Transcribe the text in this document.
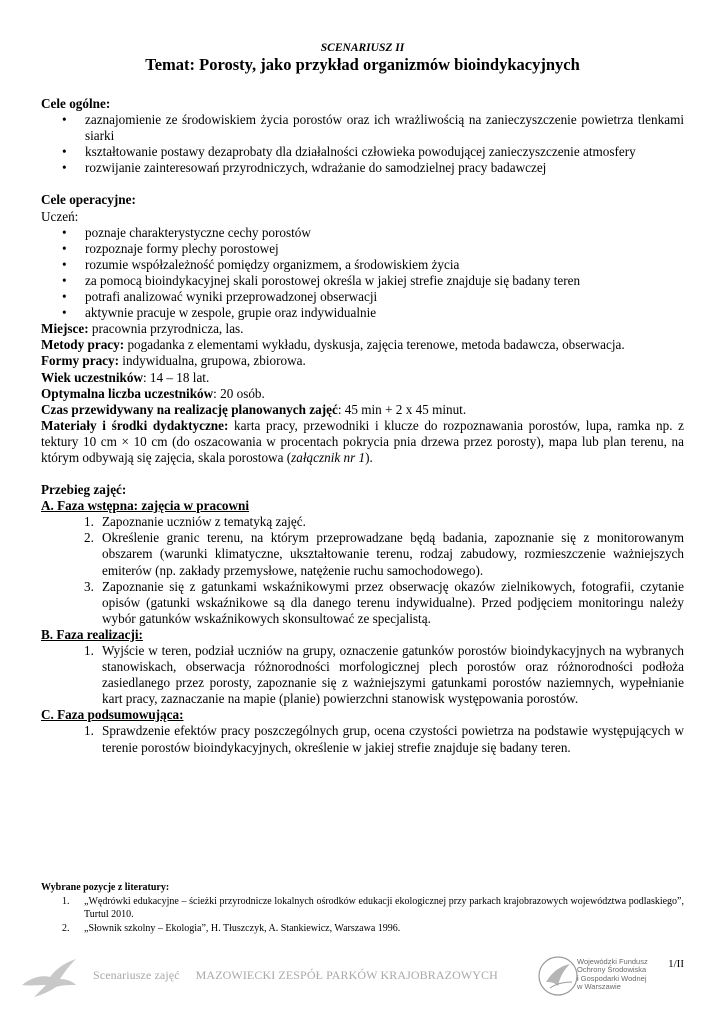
SCENARIUSZ II
Temat: Porosty, jako przykład organizmów bioindykacyjnych

Cele ogólne:

• zaznajomienie ze środowiskiem życia porostów oraz ich wrażliwością na zanieczyszczenie powietrza tlenkami siarki
• kształtowanie postawy dezaprobaty dla działalności człowieka powodującej zanieczyszczenie atmosfery
• rozwijanie zainteresowań przyrodniczych, wdrażanie do samodzielnej pracy badawczej

Cele operacyjne:

Uczeń:

• poznaje charakterystyczne cechy porostów
• rozpoznaje formy plechy porostowej
• rozumie współzależność pomiędzy organizmem, a środowiskiem życia
• za pomocą bioindykacyjnej skali porostowej określa w jakiej strefie znajduje się badany teren
• potrafi analizować wyniki przeprowadzonej obserwacji
• aktywnie pracuje w zespole, grupie oraz indywidualnie

Miejsce: pracownia przyrodnicza, las.

Metody pracy: pogadanka z elementami wykładu, dyskusja, zajęcia terenowe, metoda badawcza, obserwacja.

Formy pracy: indywidualna, grupowa, zbiorowa.

Wiek uczestników: 14 – 18 lat.

Optymalna liczba uczestników: 20 osób.

Czas przewidywany na realizację planowanych zajęć: 45 min + 2 x 45 minut.

Materiały i środki dydaktyczne: karta pracy, przewodniki i klucze do rozpoznawania porostów, lupa, ramka np. z tektury 10 cm × 10 cm (do oszacowania w procentach pokrycia pnia drzewa przez porosty), mapa lub plan terenu, na którym odbywają się zajęcia, skala porostowa (załącznik nr 1).

Przebieg zajęć:

A. Faza wstępna: zajęcia w pracowni

1. Zapoznanie uczniów z tematyką zajęć.
2. Określenie granic terenu, na którym przeprowadzane będą badania, zapoznanie się z monitorowanym obszarem (warunki klimatyczne, ukształtowanie terenu, rodzaj zabudowy, rozmieszczenie ważniejszych emiterów (np. zakłady przemysłowe, natężenie ruchu samochodowego).
3. Zapoznanie się z gatunkami wskaźnikowymi przez obserwację okazów zielnikowych, fotografii, czytanie opisów (gatunki wskaźnikowe są dla danego terenu indywidualne). Przed podjęciem monitoringu należy wybór gatunków wskaźnikowych skonsultować ze specjalistą.

B. Faza realizacji:

1. Wyjście w teren, podział uczniów na grupy, oznaczenie gatunków porostów bioindykacyjnych na wybranych stanowiskach, obserwacja różnorodności morfologicznej plech porostów oraz różnorodności podłoża zasiedlanego przez porosty, zapoznanie się z ważniejszymi gatunkami porostów naziemnych, wypełnianie kart pracy, zaznaczanie na mapie (planie) powierzchni stanowisk występowania porostów.

C. Faza podsumowująca:

1. Sprawdzenie efektów pracy poszczególnych grup, ocena czystości powietrza na podstawie występujących w terenie porostów bioindykacyjnych, określenie w jakiej strefie znajduje się badany teren.
Wybrane pozycje z literatury:
1. „Wędrówki edukacyjne – ścieżki przyrodnicze lokalnych ośrodków edukacji ekologicznej przy parkach krajobrazowych województwa podlaskiego”, Turtul 2010.
2. „Słownik szkolny – Ekologia”, H. Tłuszczyk, A. Stankiewicz, Warszawa 1996.
1/II
Scenariusze zajęć MAZOWIECKI ZESPÓŁ PARKÓW KRAJOBRAZOWYCH
Wojewódzki Fundusz
Ochrony Środowiska
i Gospodarki Wodnej
w Warszawie
